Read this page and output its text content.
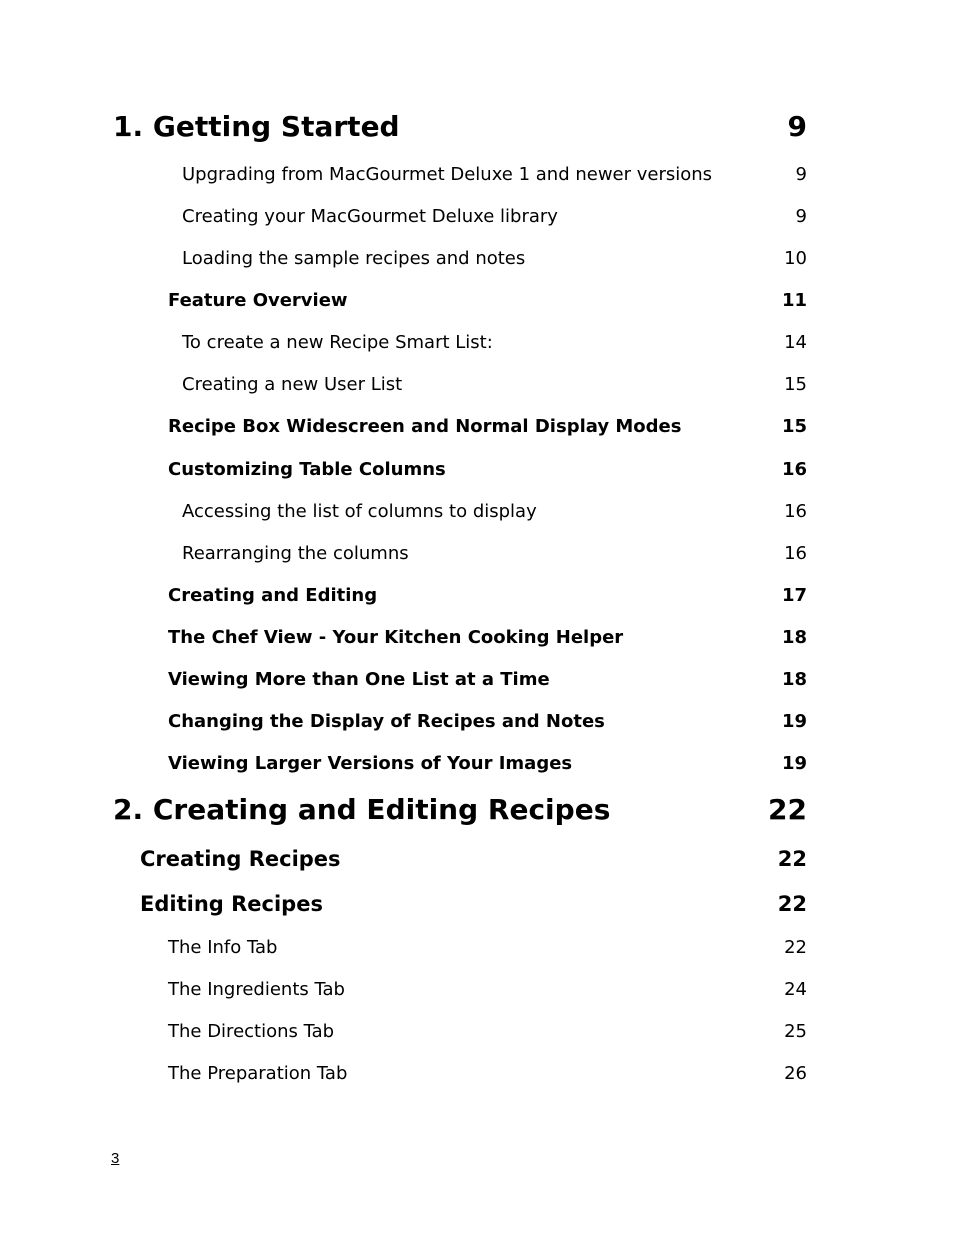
1. Getting Started	9
Upgrading from MacGourmet Deluxe 1 and newer versions	9
Creating your MacGourmet Deluxe library	9
Loading the sample recipes and notes	10
Feature Overview	11
To create a new Recipe Smart List:	14
Creating a new User List	15
Recipe Box Widescreen and Normal Display Modes	15
Customizing Table Columns	16
Accessing the list of columns to display	16
Rearranging the columns	16
Creating and Editing	17
The Chef View - Your Kitchen Cooking Helper	18
Viewing More than One List at a Time	18
Changing the Display of Recipes and Notes	19
Viewing Larger Versions of Your Images	19
2. Creating and Editing Recipes	22
Creating Recipes	22
Editing Recipes	22
The Info Tab	22
The Ingredients Tab	24
The Directions Tab	25
The Preparation Tab	26
3
